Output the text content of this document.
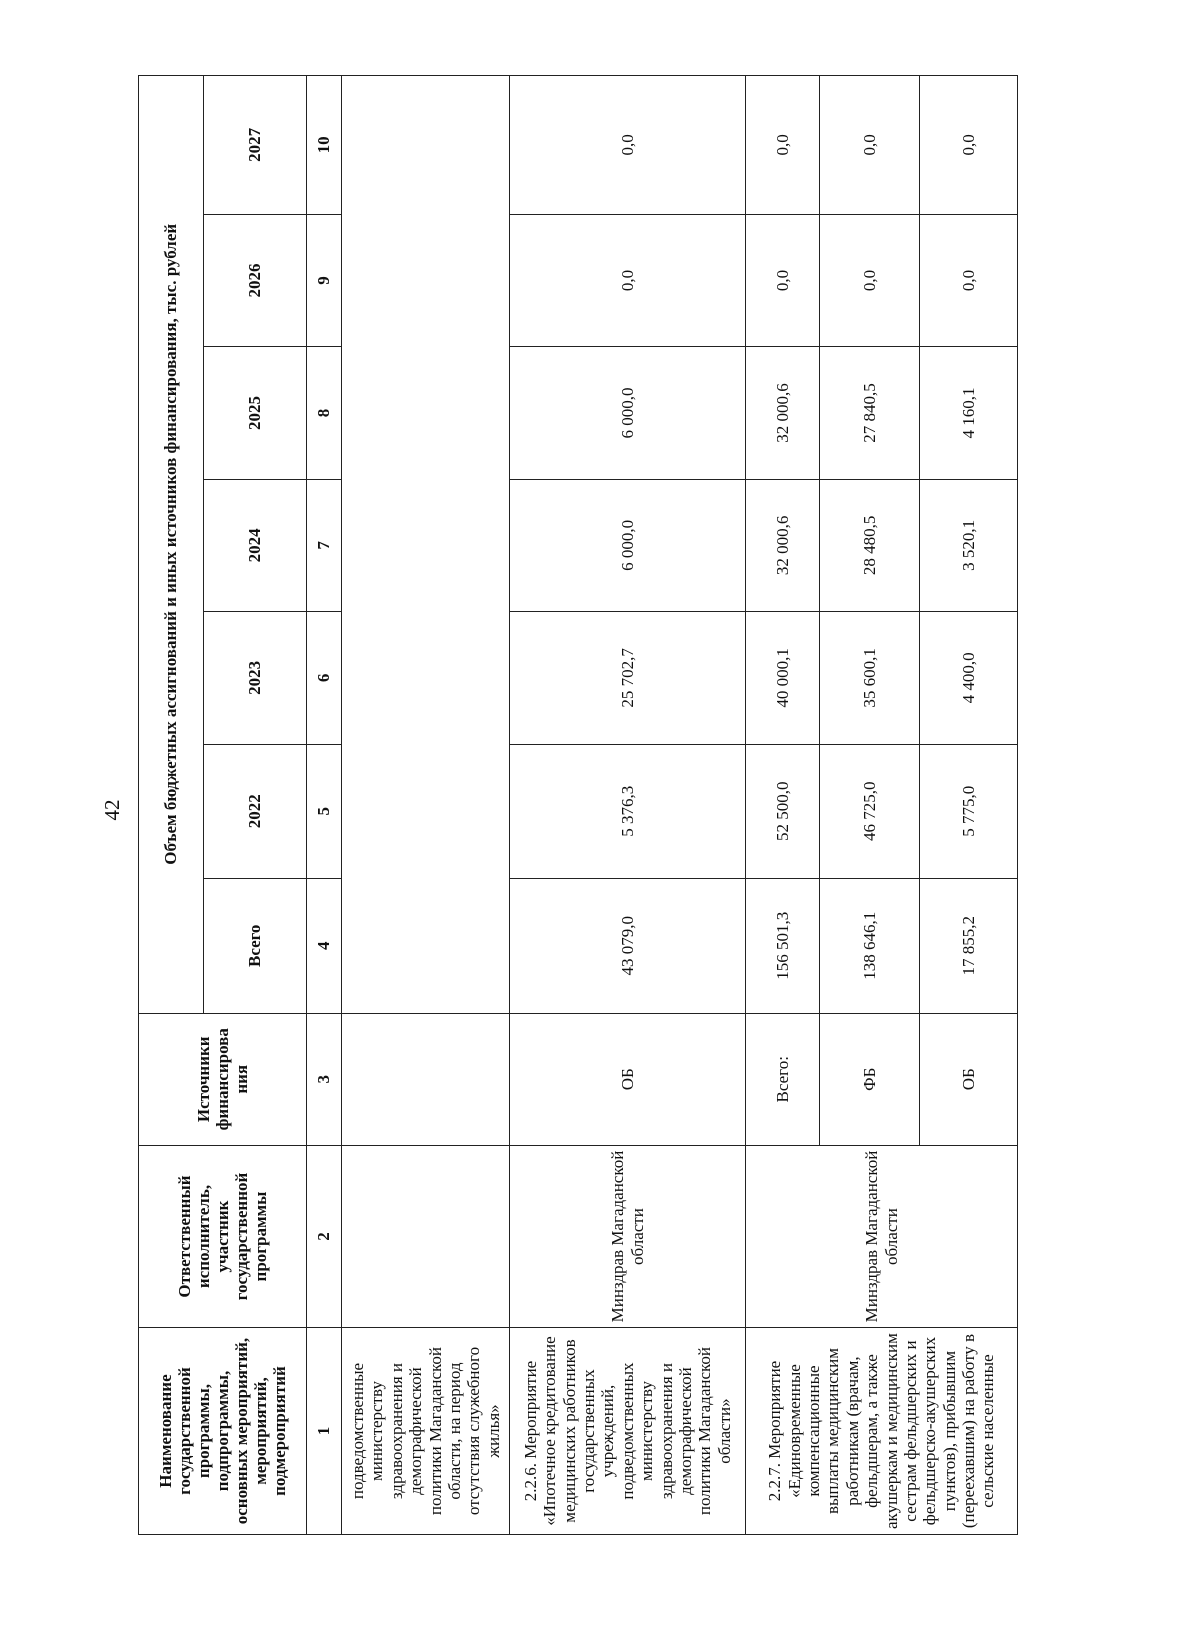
42
Наименование государственной программы, подпрограммы, основных мероприятий, мероприятий, подмероприятий	Ответственный исполнитель, участник государственной программы	Источники финансирова ния	Объем бюджетных ассигнований и иных источников финансирования, тыс. рублей						
			Всего	2022	2023	2024	2025	2026	2027
1	2	3	4	5	6	7	8	9	10
подведомственные министерству здравоохранения и демографической политики Магаданской области, на период отсутствия служебного жилья»									
2.2.6. Мероприятие «Ипотечное кредитование медицинских работников государственных учреждений, подведомственных министерству здравоохранения и демографической политики Магаданской области»	Минздрав Магаданской области	ОБ	43 079,0	5 376,3	25 702,7	6 000,0	6 000,0	0,0	0,0
2.2.7. Мероприятие «Единовременные компенсационные выплаты медицинским работникам (врачам, фельдшерам, а также акушеркам и медицинским сестрам фельдшерских и фельдшерско-акушерских пунктов), прибывшим (переехавшим) на работу в сельские населенные	Минздрав Магаданской области	Всего:	156 501,3	52 500,0	40 000,1	32 000,6	32 000,6	0,0	0,0
		ФБ	138 646,1	46 725,0	35 600,1	28 480,5	27 840,5	0,0	0,0
		ОБ	17 855,2	5 775,0	4 400,0	3 520,1	4 160,1	0,0	0,0
